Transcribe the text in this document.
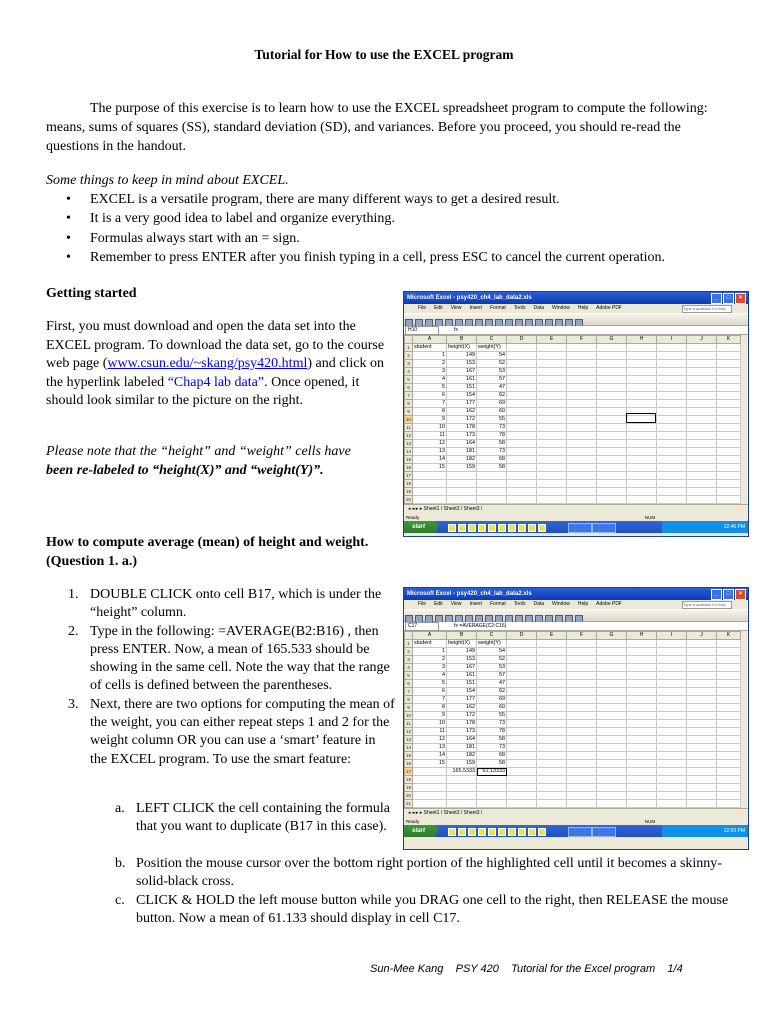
Tutorial for How to use the EXCEL program

The purpose of this exercise is to learn how to use the EXCEL spreadsheet program to compute the following: means, sums of squares (SS), standard deviation (SD), and variances. Before you proceed, you should re-read the questions in the handout.

Some things to keep in mind about EXCEL.

• EXCEL is a versatile program, there are many different ways to get a desired result.
• It is a very good idea to label and organize everything.
• Formulas always start with an = sign.
• Remember to press ENTER after you finish typing in a cell, press ESC to cancel the current operation.

Getting started

First, you must download and open the data set into the EXCEL program. To download the data set, go to the course web page (www.csun.edu/~skang/psy420.html) and click on the hyperlink labeled “Chap4 lab data”. Once opened, it should look similar to the picture on the right.

Please note that the “height” and “weight” cells have
been re-labeled to “height(X)” and “weight(Y)”.

How to compute average (mean) of height and weight.
(Question 1. a.)

1. DOUBLE CLICK onto cell B17, which is under the “height” column.
2. Type in the following: =AVERAGE(B2:B16) , then press ENTER. Now, a mean of 165.533 should be showing in the same cell. Note the way that the range of cells is defined between the parentheses.
3. Next, there are two options for computing the mean of the weight, you can either repeat steps 1 and 2 for the weight column OR you can use a ‘smart’ feature in the EXCEL program. To use the smart feature:
a. LEFT CLICK the cell containing the formula that you want to duplicate (B17 in this case).
b. Position the mouse cursor over the bottom right portion of the highlighted cell until it becomes a skinny-solid-black cross.
c. CLICK & HOLD the left mouse button while you DRAG one cell to the right, then RELEASE the mouse button. Now a mean of 61.133 should display in cell C17.
Sun-Mee Kang PSY 420 Tutorial for the Excel program 1/4
Microsoft Excel - psy420_ch4_lab_data2.xls	_	□	×
File Edit View Insert Format Tools Data Window Help Adobe PDF	Type a question for help
H10	fx
	A	B	C	D	E	F	G	H	I	J	K
1	student	height(X)	weight(Y)								
2	1	149	54								
3	2	153	52								
4	3	167	53								
5	4	161	57								
6	5	151	47								
7	6	154	62								
8	7	177	69								
9	8	162	60								
10	9	172	55								
11	10	178	73								
12	11	173	78								
13	12	164	58								
14	13	181	73								
15	14	182	68								
16	15	159	58								
17											
18											
19											
20											
◂ ◂ ▸ ▸ Sheet1 / Sheet2 / Sheet3 /
Ready	NUM
start	12:46 PM
Microsoft Excel - psy420_ch4_lab_data2.xls	_	□	×
File Edit View Insert Format Tools Data Window Help Adobe PDF	Type a question for help
C17	fx =AVERAGE(C2:C16)
	A	B	C	D	E	F	G	H	I	J	K
1	student	height(X)	weight(Y)								
2	1	149	54								
3	2	153	52								
4	3	167	53								
5	4	161	57								
6	5	151	47								
7	6	154	62								
8	7	177	69								
9	8	162	60								
10	9	172	55								
11	10	178	73								
12	11	173	78								
13	12	164	58								
14	13	181	73								
15	14	182	68								
16	15	159	58								
17		165.5333	61.13333								
18											
19											
20											
21											
◂ ◂ ▸ ▸ Sheet1 / Sheet2 / Sheet3 /
Ready	NUM
start	12:50 PM
